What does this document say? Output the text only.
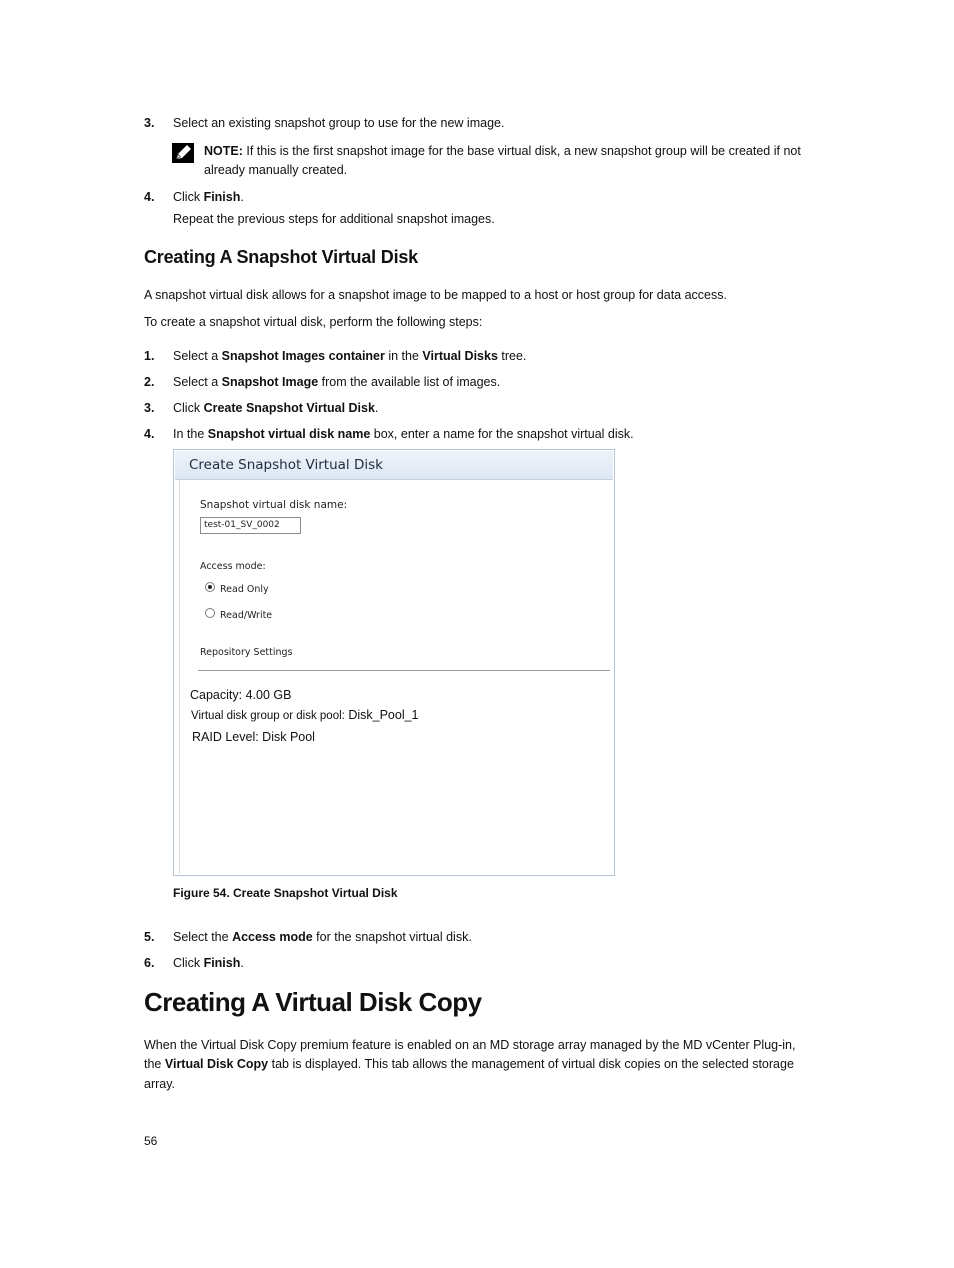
3. Select an existing snapshot group to use for the new image.
NOTE: If this is the first snapshot image for the base virtual disk, a new snapshot group will be created if not
already manually created.
4. Click Finish.
Repeat the previous steps for additional snapshot images.
Creating A Snapshot Virtual Disk
A snapshot virtual disk allows for a snapshot image to be mapped to a host or host group for data access.
To create a snapshot virtual disk, perform the following steps:
1. Select a Snapshot Images container in the Virtual Disks tree.
2. Select a Snapshot Image from the available list of images.
3. Click Create Snapshot Virtual Disk.
4. In the Snapshot virtual disk name box, enter a name for the snapshot virtual disk.
Create Snapshot Virtual Disk
Snapshot virtual disk name:
test-01_SV_0002
Access mode:
Read Only
Read/Write
Repository Settings
Capacity: 4.00 GB
Virtual disk group or disk pool: Disk_Pool_1
RAID Level: Disk Pool
Figure 54. Create Snapshot Virtual Disk
5. Select the Access mode for the snapshot virtual disk.
6. Click Finish.
Creating A Virtual Disk Copy
When the Virtual Disk Copy premium feature is enabled on an MD storage array managed by the MD vCenter Plug-in,
the Virtual Disk Copy tab is displayed. This tab allows the management of virtual disk copies on the selected storage
array.
56
